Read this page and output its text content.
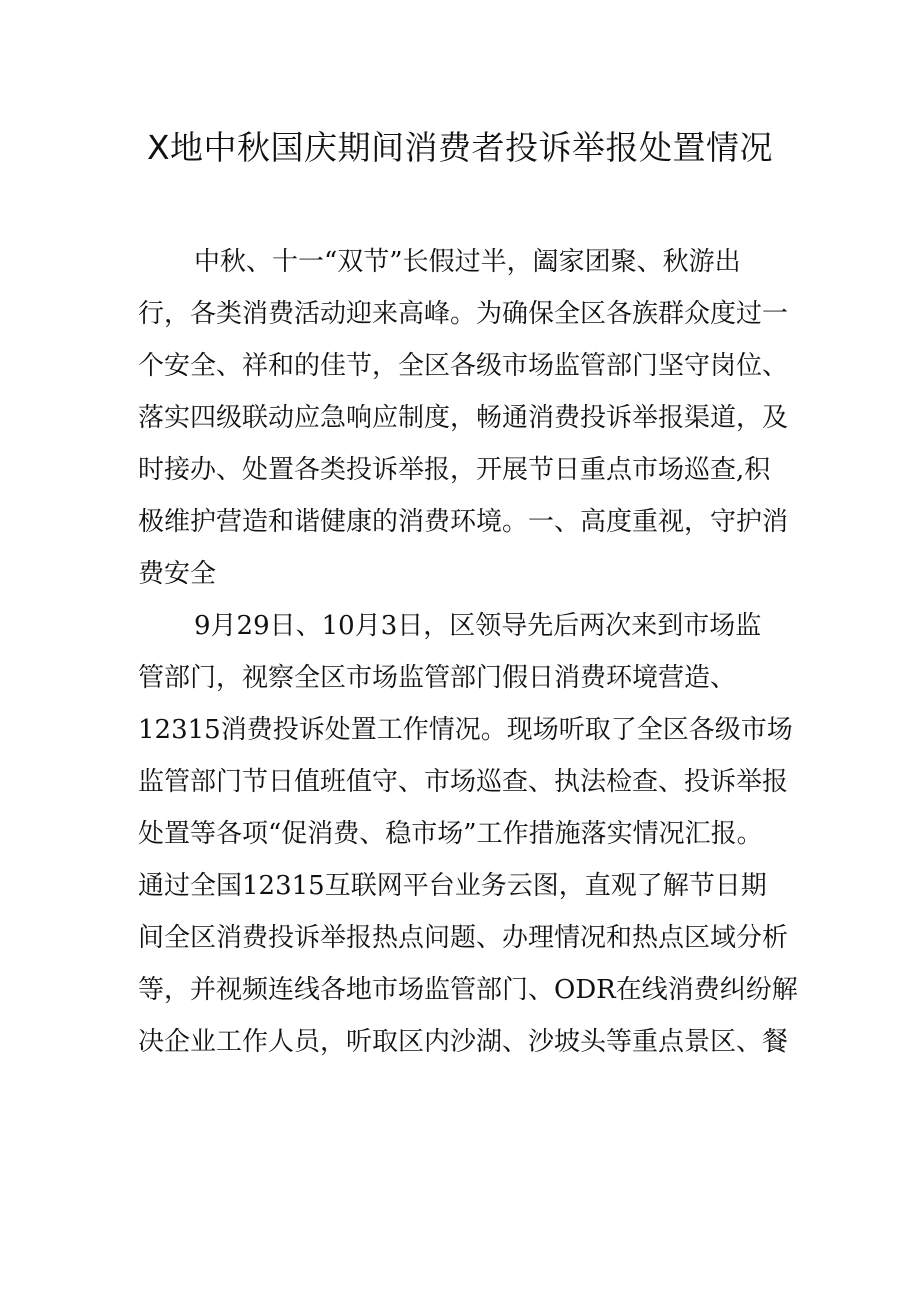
X地中秋国庆期间消费者投诉举报处置情况
中秋、十一“双节”长假过半，阖家团聚、秋游出
行，各类消费活动迎来高峰。为确保全区各族群众度过一
个安全、祥和的佳节，全区各级市场监管部门坚守岗位、
落实四级联动应急响应制度，畅通消费投诉举报渠道，及
时接办、处置各类投诉举报，开展节日重点市场巡查,积
极维护营造和谐健康的消费环境。一、高度重视，守护消
费安全
9月29日、10月3日，区领导先后两次来到市场监
管部门，视察全区市场监管部门假日消费环境营造、
12315消费投诉处置工作情况。现场听取了全区各级市场
监管部门节日值班值守、市场巡查、执法检查、投诉举报
处置等各项“促消费、稳市场”工作措施落实情况汇报。
通过全国12315互联网平台业务云图，直观了解节日期
间全区消费投诉举报热点问题、办理情况和热点区域分析
等，并视频连线各地市场监管部门、ODR在线消费纠纷解
决企业工作人员，听取区内沙湖、沙坡头等重点景区、餐
